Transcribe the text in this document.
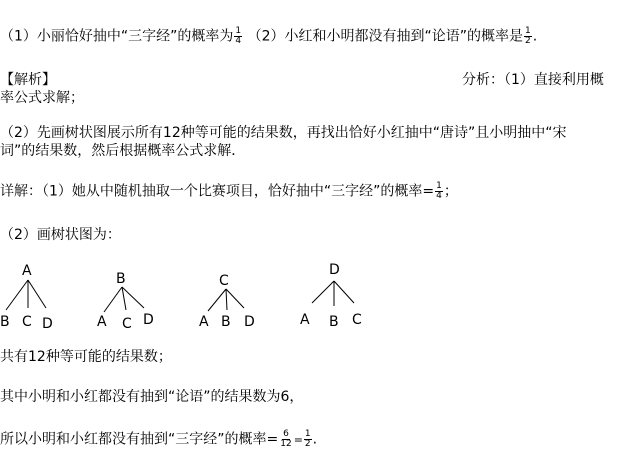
（1）小丽恰好抽中“三字经”的概率为 $\frac{1}{4} (2)$小红和小明都没有抽到“论语”的概率是 $\frac{1}{2}$ .
【解析】	分析：（1）直接利用概
率公式求解；
（2）先画树状图展示所有12种等可能的结果数，再找出恰好小红抽中“唐诗”且小明抽中“宋
词”的结果数，然后根据概率公式求解．
详解：（1）她从中随机抽取一个比赛项目，恰好抽中“三字经”的概率= $\frac{1}{4}$ ；
（2）画树状图为：
A
B C D
B
A C D
C
A B D
D
A B C
共有12种等可能的结果数；
其中小明和小红都没有抽到“论语”的结果数为6，
所以小明和小红都没有抽到“三字经”的概率= $\frac{6}{12} = \frac{1}{2}$ .
